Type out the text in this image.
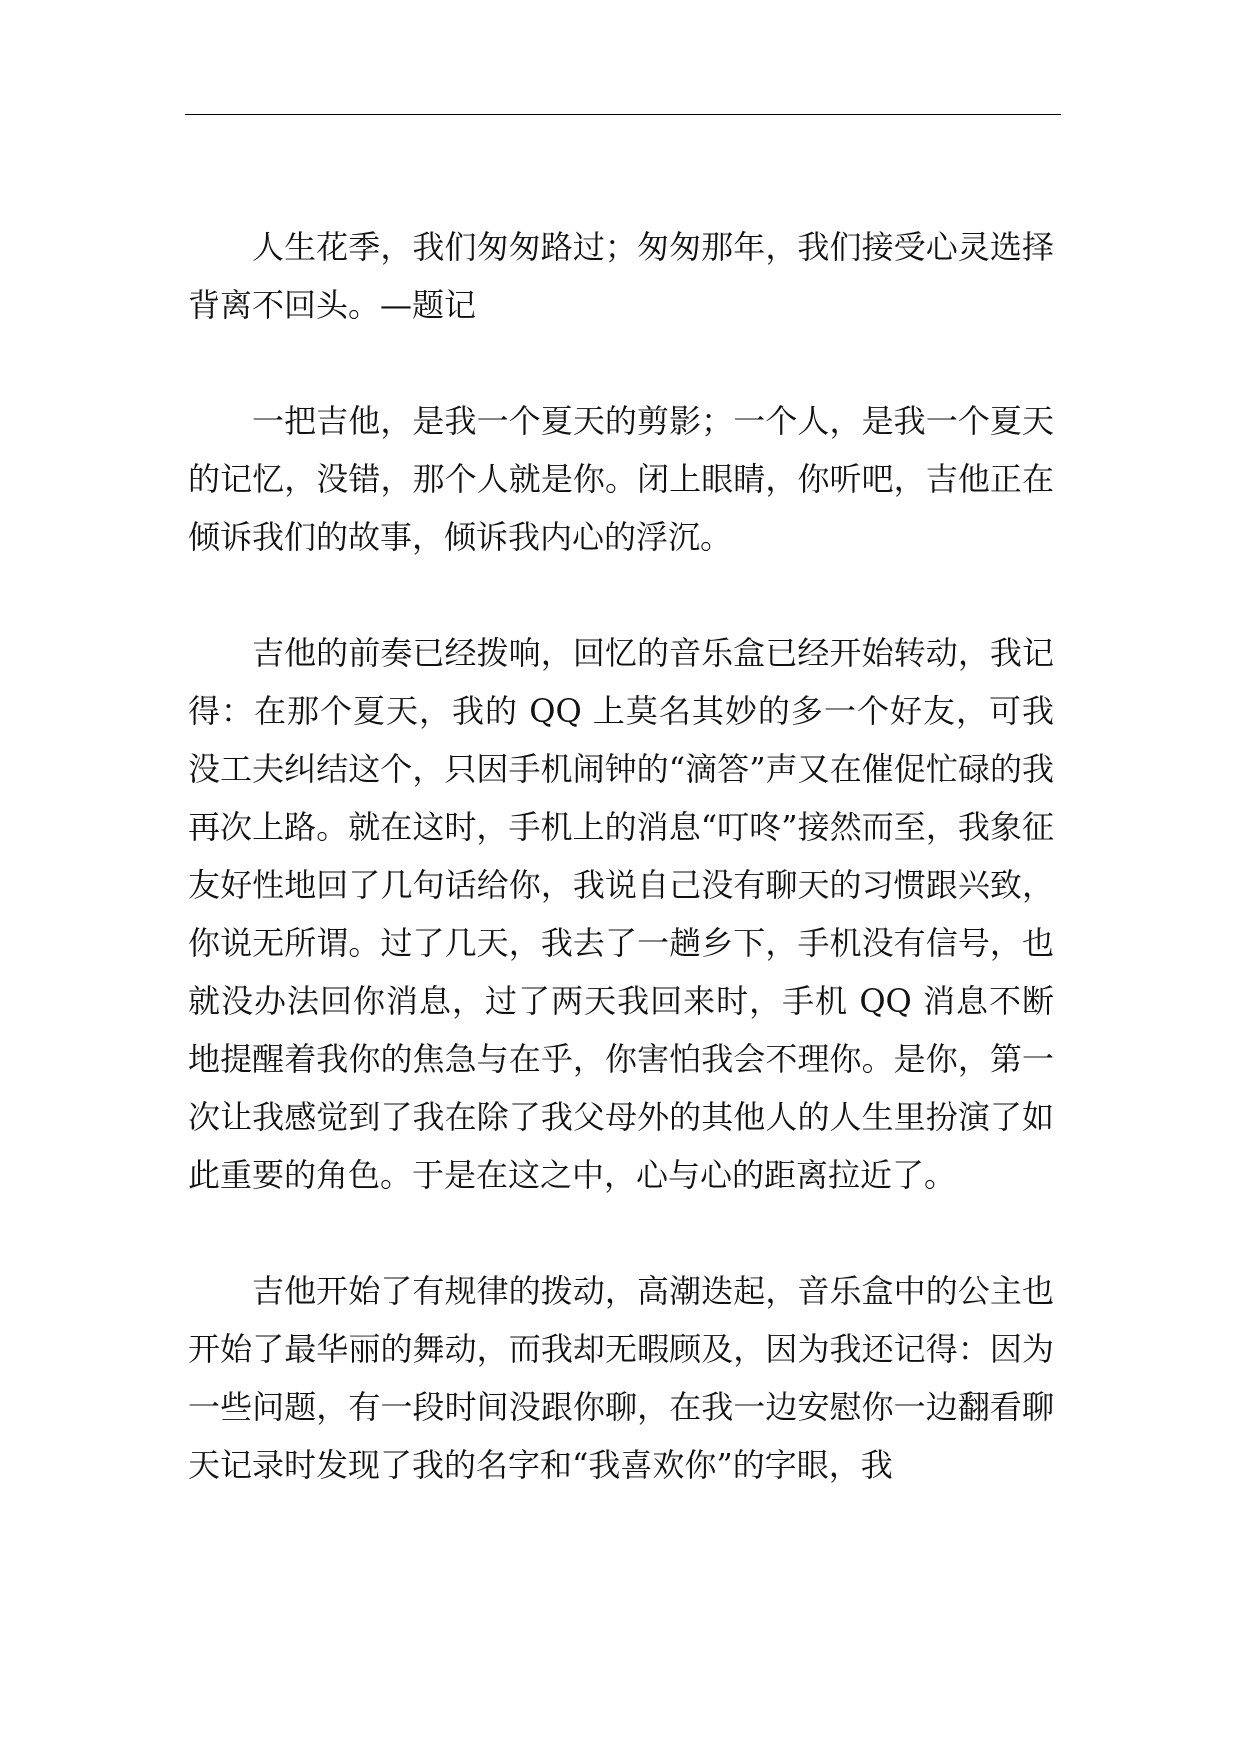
人生花季，我们匆匆路过；匆匆那年，我们接受心灵选择背离不回头。—题记

一把吉他，是我一个夏天的剪影；一个人，是我一个夏天的记忆，没错，那个人就是你。闭上眼睛，你听吧，吉他正在倾诉我们的故事，倾诉我内心的浮沉。

吉他的前奏已经拨响，回忆的音乐盒已经开始转动，我记得：在那个夏天，我的 QQ 上莫名其妙的多一个好友，可我没工夫纠结这个，只因手机闹钟的“滴答”声又在催促忙碌的我再次上路。就在这时，手机上的消息“叮咚”接然而至，我象征友好性地回了几句话给你，我说自己没有聊天的习惯跟兴致，你说无所谓。过了几天，我去了一趟乡下，手机没有信号，也就没办法回你消息，过了两天我回来时，手机 QQ 消息不断地提醒着我你的焦急与在乎，你害怕我会不理你。是你，第一次让我感觉到了我在除了我父母外的其他人的人生里扮演了如此重要的角色。于是在这之中，心与心的距离拉近了。

吉他开始了有规律的拨动，高潮迭起，音乐盒中的公主也开始了最华丽的舞动，而我却无暇顾及，因为我还记得：因为一些问题，有一段时间没跟你聊，在我一边安慰你一边翻看聊天记录时发现了我的名字和“我喜欢你”的字眼，我
